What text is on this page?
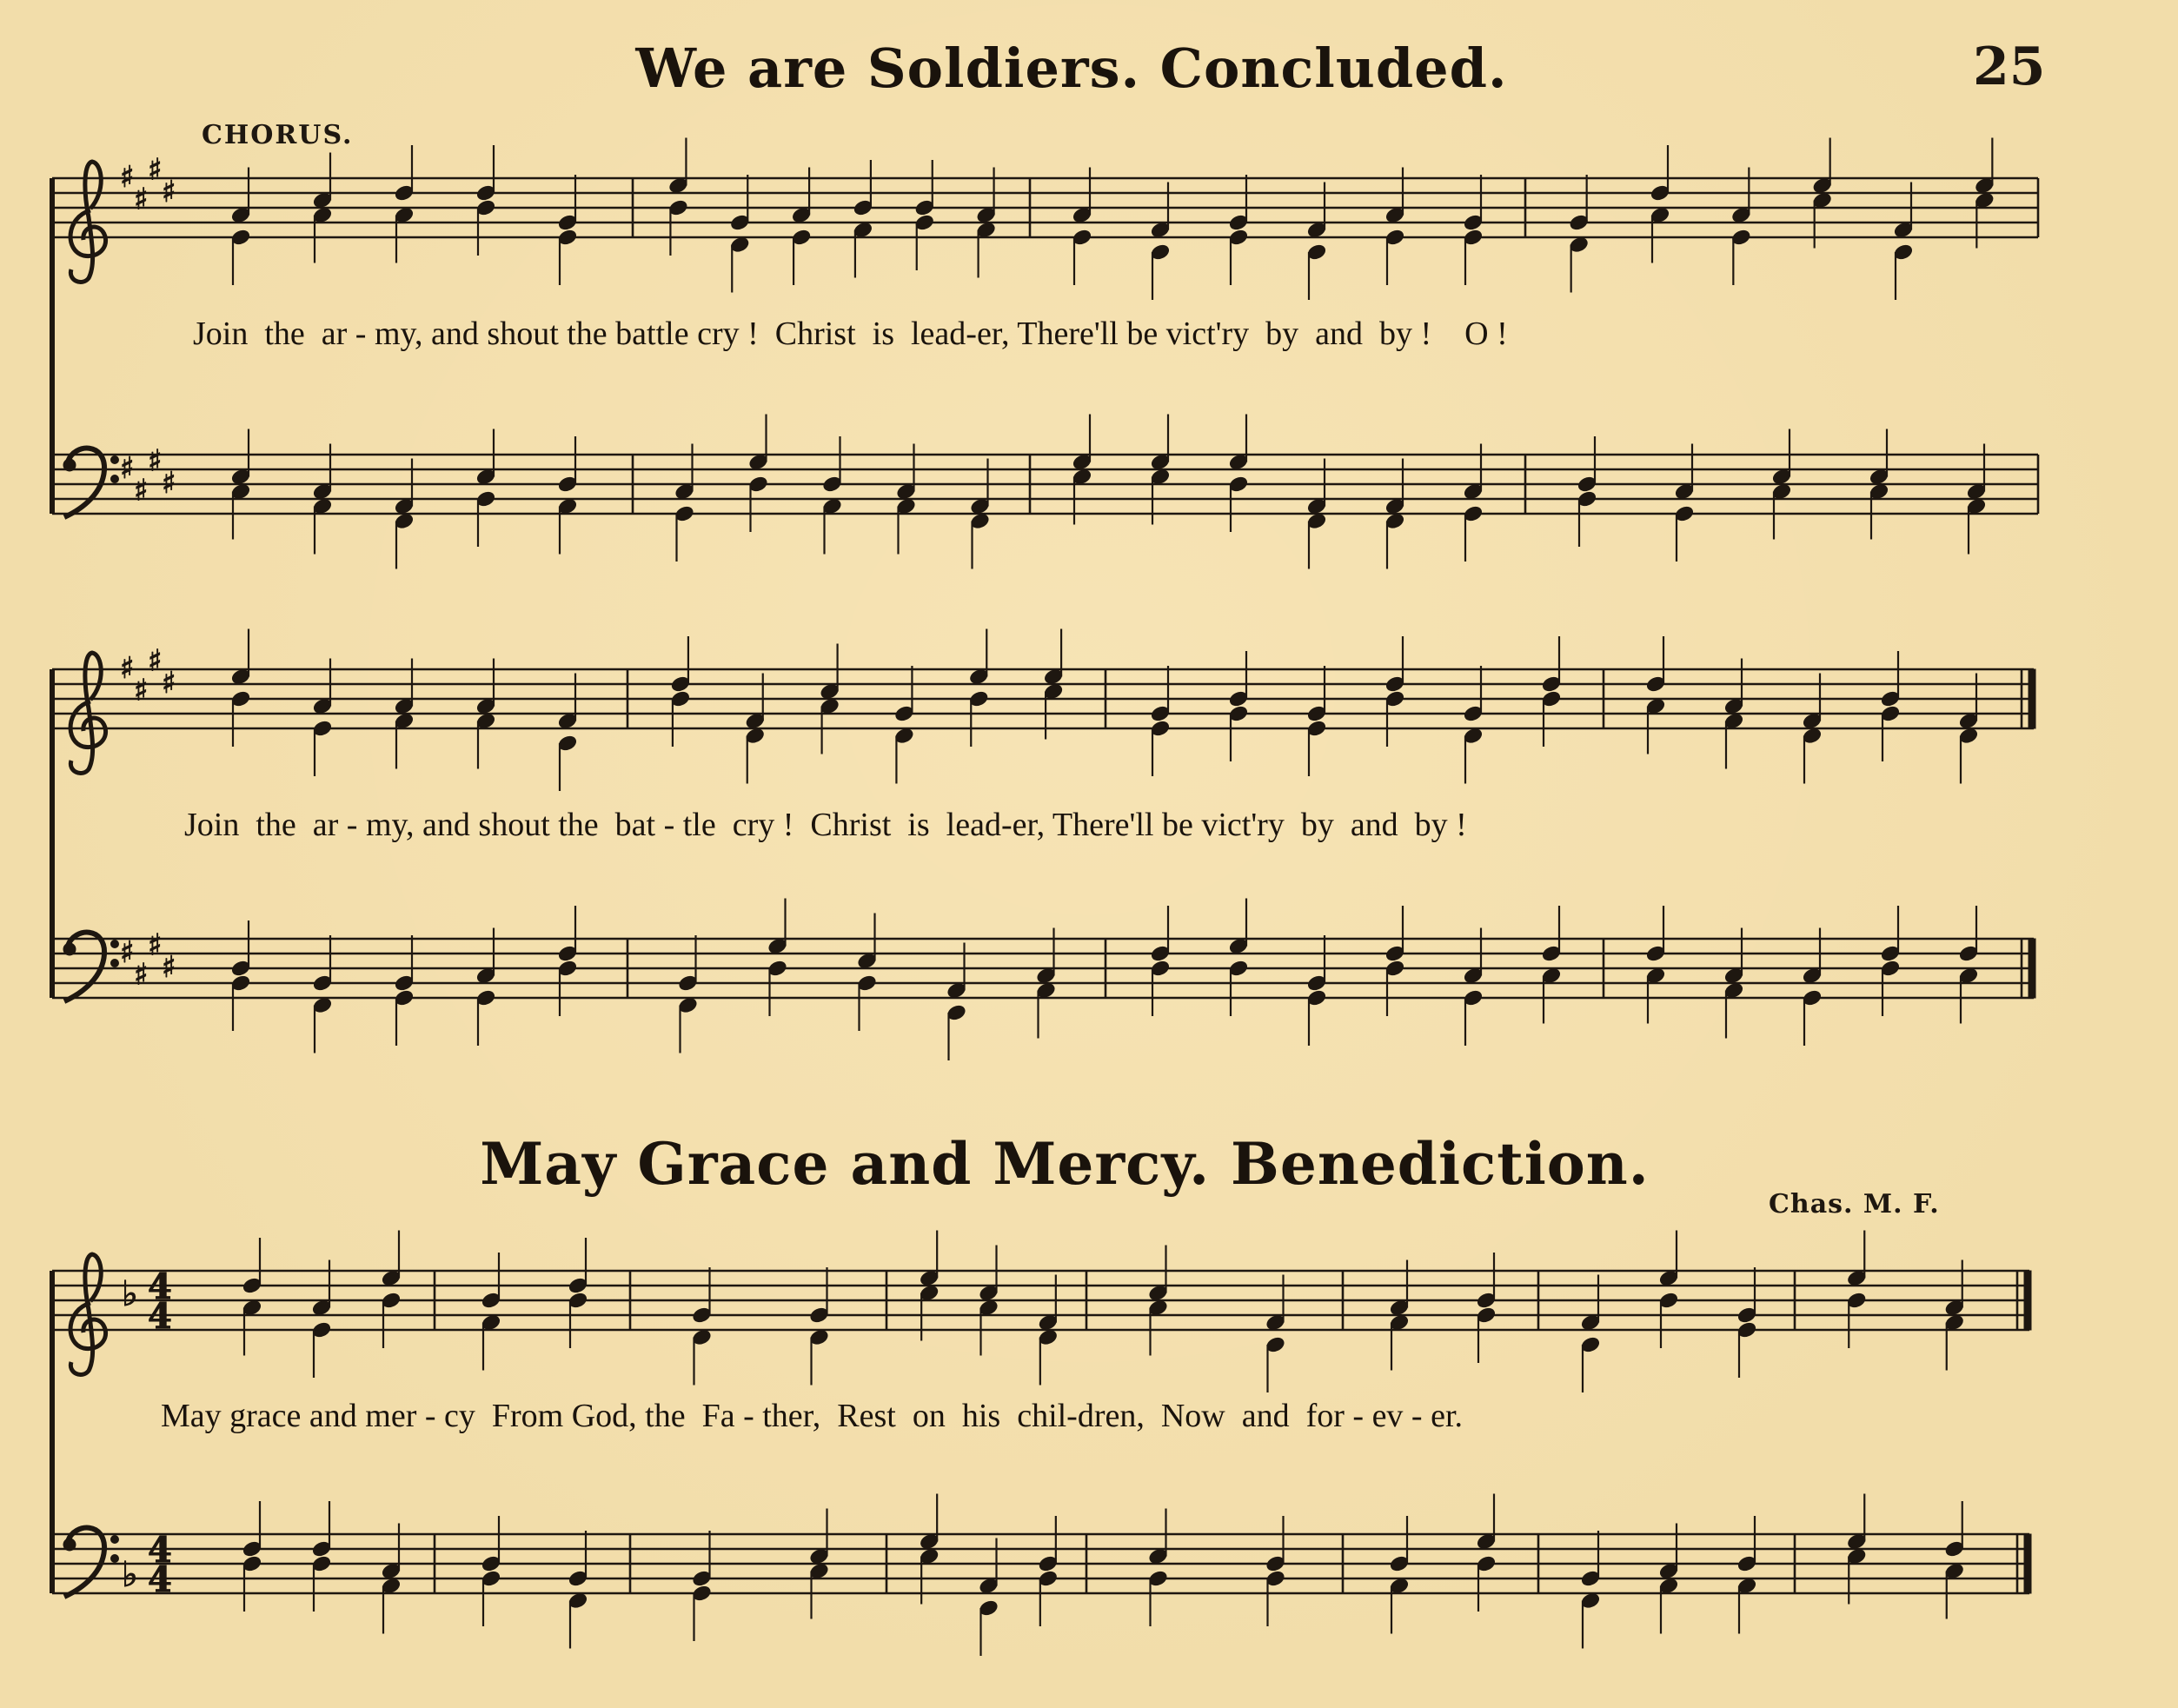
We are Soldiers. Concluded.	25
CHORUS.
♯
♯
♯
♯
♯
♯
♯
♯
♯
♯
♯
♯
♯
♯
♯
♯
♭
♭
4
4
4
4
Join  the  ar - my, and shout the battle cry !  Christ  is  lead-er, There'll be vict'ry  by  and  by !    O !
Join  the  ar - my, and shout the  bat - tle  cry !  Christ  is  lead-er, There'll be vict'ry  by  and  by !
May Grace and Mercy. Benediction.
Chas. M. F.
May grace and mer - cy  From God, the  Fa - ther,  Rest  on  his  chil-dren,  Now  and  for - ev - er.
